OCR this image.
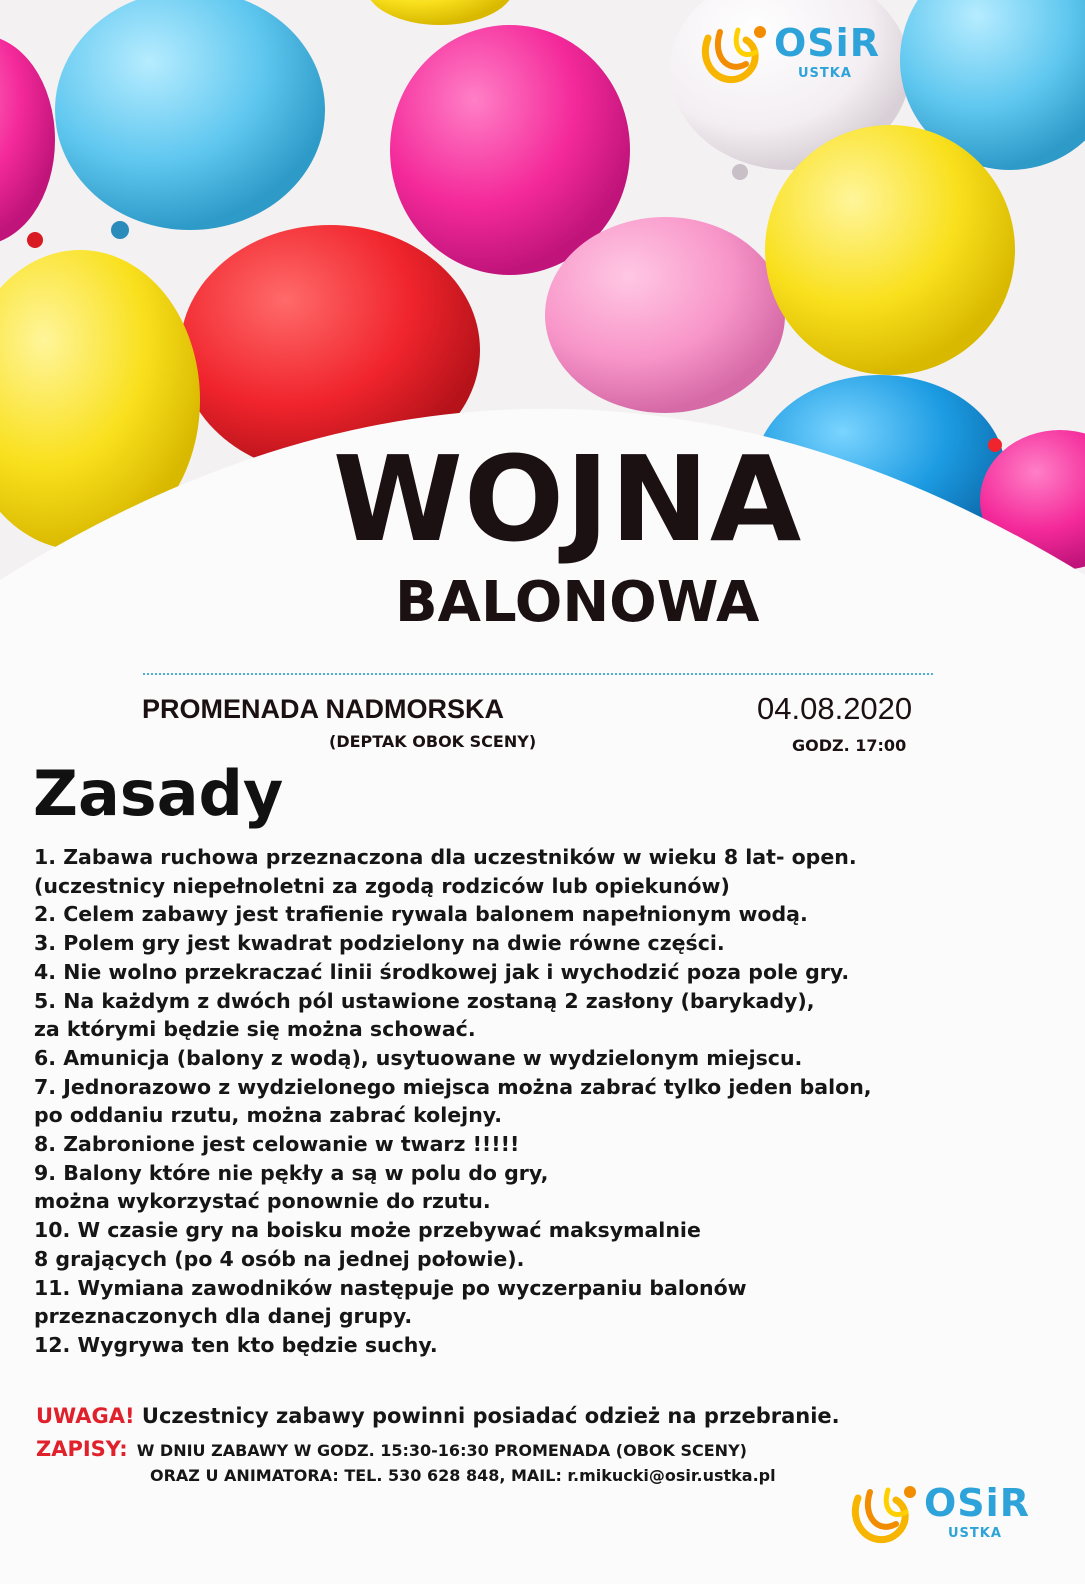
OSiR
USTKA
WOJNA
BALONOWA
PROMENADA NADMORSKA
(DEPTAK OBOK SCENY)
04.08.2020
GODZ. 17:00
Zasady
1. Zabawa ruchowa przeznaczona dla uczestników w wieku 8 lat- open.
(uczestnicy niepełnoletni za zgodą rodziców lub opiekunów)
2. Celem zabawy jest trafienie rywala balonem napełnionym wodą.
3. Polem gry jest kwadrat podzielony na dwie równe części.
4. Nie wolno przekraczać linii środkowej jak i wychodzić poza pole gry.
5. Na każdym z dwóch pól ustawione zostaną 2 zasłony (barykady),
za którymi będzie się można schować.
6. Amunicja (balony z wodą), usytuowane w wydzielonym miejscu.
7. Jednorazowo z wydzielonego miejsca można zabrać tylko jeden balon,
po oddaniu rzutu, można zabrać kolejny.
8. Zabronione jest celowanie w twarz !!!!!
9. Balony które nie pękły a są w polu do gry,
można wykorzystać ponownie do rzutu.
10. W czasie gry na boisku może przebywać maksymalnie
8 grających (po 4 osób na jednej połowie).
11. Wymiana zawodników następuje po wyczerpaniu balonów
przeznaczonych dla danej grupy.
12. Wygrywa ten kto będzie suchy.
UWAGA! Uczestnicy zabawy powinni posiadać odzież na przebranie.
ZAPISY: W DNIU ZABAWY W GODZ. 15:30-16:30 PROMENADA (OBOK SCENY)
ORAZ U ANIMATORA: TEL. 530 628 848, MAIL: r.mikucki@osir.ustka.pl
OSiR
USTKA
